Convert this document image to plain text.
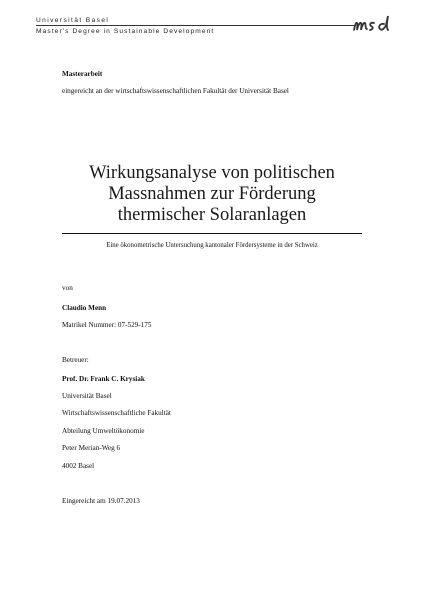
Universität Basel
Master's Degree in Sustainable Development
Masterarbeit
eingereicht an der wirtschaftswissenschaftlichen Fakultät der Universität Basel
Wirkungsanalyse von politischen
Massnahmen zur Förderung
thermischer Solaranlagen
Eine ökonometrische Untersuchung kantonaler Fördersysteme in der Schweiz
von
Claudio Menn
Matrikel Nummer: 07-529-175
Betreuer:
Prof. Dr. Frank C. Krysiak
Universität Basel
Wirtschaftswissenschaftliche Fakultät
Abteilung Umweltökonomie
Peter Merian-Weg 6
4002 Basel
Eingereicht am 19.07.2013
